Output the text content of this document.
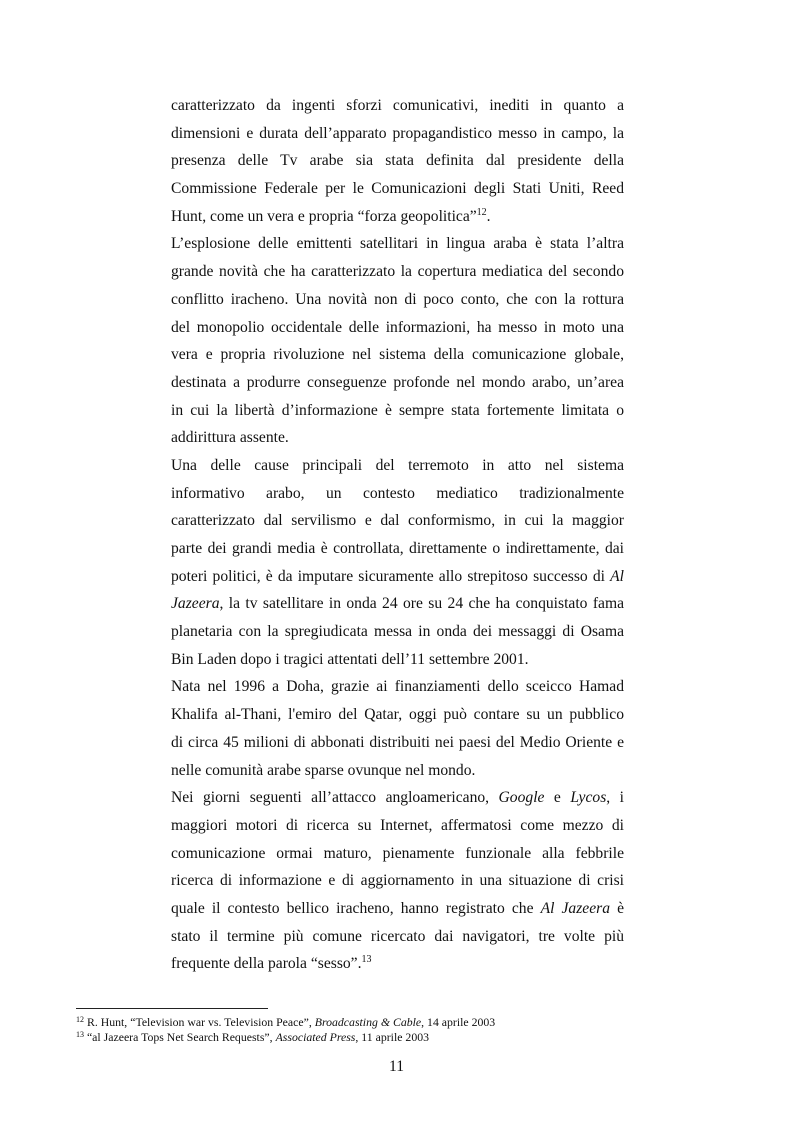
caratterizzato da ingenti sforzi comunicativi, inediti in quanto a
dimensioni e durata dell’apparato propagandistico messo in campo, la
presenza delle Tv arabe sia stata definita dal presidente della
Commissione Federale per le Comunicazioni degli Stati Uniti, Reed
Hunt, come un vera e propria “forza geopolitica”$^{12}$.
L’esplosione delle emittenti satellitari in lingua araba è stata l’altra
grande novità che ha caratterizzato la copertura mediatica del secondo
conflitto iracheno. Una novità non di poco conto, che con la rottura
del monopolio occidentale delle informazioni, ha messo in moto una
vera e propria rivoluzione nel sistema della comunicazione globale,
destinata a produrre conseguenze profonde nel mondo arabo, un’area
in cui la libertà d’informazione è sempre stata fortemente limitata o
addirittura assente.
Una delle cause principali del terremoto in atto nel sistema
informativo arabo, un contesto mediatico tradizionalmente
caratterizzato dal servilismo e dal conformismo, in cui la maggior
parte dei grandi media è controllata, direttamente o indirettamente, dai
poteri politici, è da imputare sicuramente allo strepitoso successo di Al
Jazeera, la tv satellitare in onda 24 ore su 24 che ha conquistato fama
planetaria con la spregiudicata messa in onda dei messaggi di Osama
Bin Laden dopo i tragici attentati dell’11 settembre 2001.
Nata nel 1996 a Doha, grazie ai finanziamenti dello sceicco Hamad
Khalifa al-Thani, l'emiro del Qatar, oggi può contare su un pubblico
di circa 45 milioni di abbonati distribuiti nei paesi del Medio Oriente e
nelle comunità arabe sparse ovunque nel mondo.
Nei giorni seguenti all’attacco angloamericano, Google e Lycos, i
maggiori motori di ricerca su Internet, affermatosi come mezzo di
comunicazione ormai maturo, pienamente funzionale alla febbrile
ricerca di informazione e di aggiornamento in una situazione di crisi
quale il contesto bellico iracheno, hanno registrato che Al Jazeera è
stato il termine più comune ricercato dai navigatori, tre volte più
frequente della parola “sesso”.$^{13}$
$^{12}$ R. Hunt, “Television war vs. Television Peace”, Broadcasting & Cable, 14 aprile 2003
$^{13}$ “al Jazeera Tops Net Search Requests”, Associated Press, 11 aprile 2003
11
